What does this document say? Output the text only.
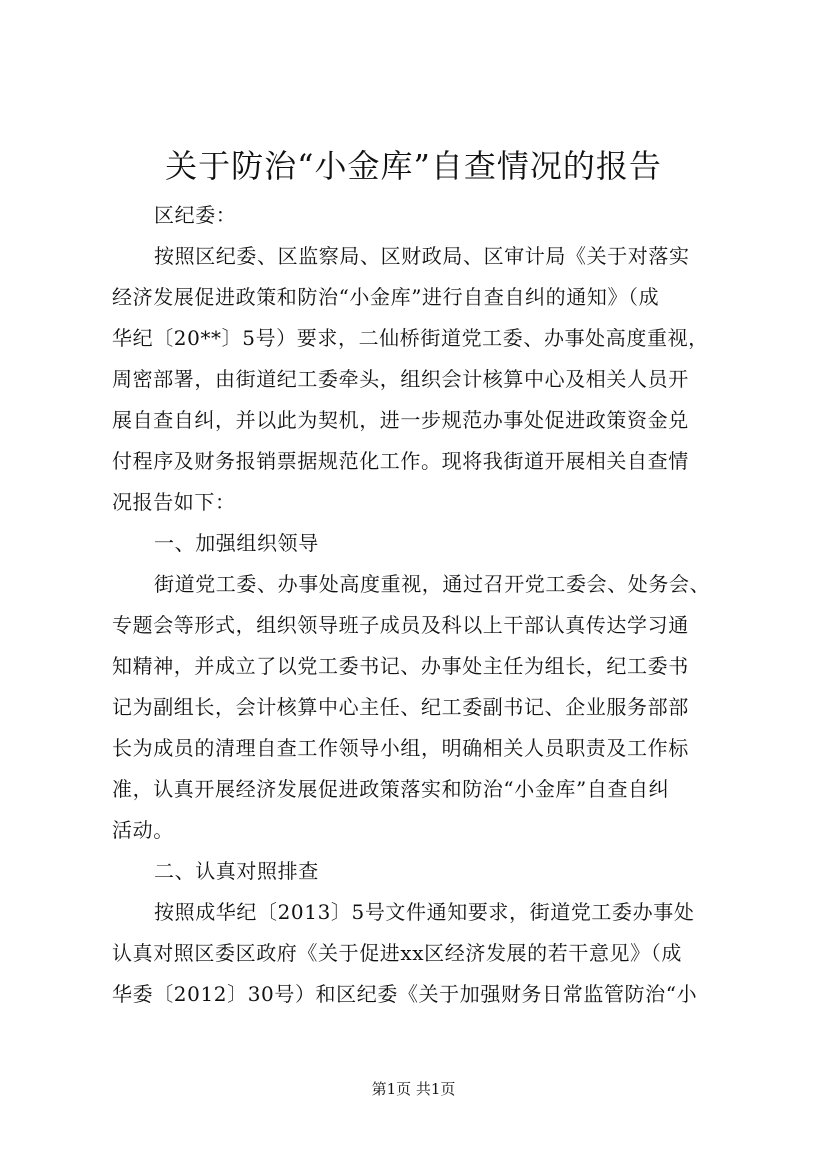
关于防治“小金库”自查情况的报告
区纪委：
按照区纪委、区监察局、区财政局、区审计局《关于对落实
经济发展促进政策和防治“小金库”进行自查自纠的通知》（成
华纪〔20**〕5号）要求，二仙桥街道党工委、办事处高度重视，
周密部署，由街道纪工委牵头，组织会计核算中心及相关人员开
展自查自纠，并以此为契机，进一步规范办事处促进政策资金兑
付程序及财务报销票据规范化工作。现将我街道开展相关自查情
况报告如下：
一、加强组织领导
街道党工委、办事处高度重视，通过召开党工委会、处务会、
专题会等形式，组织领导班子成员及科以上干部认真传达学习通
知精神，并成立了以党工委书记、办事处主任为组长，纪工委书
记为副组长，会计核算中心主任、纪工委副书记、企业服务部部
长为成员的清理自查工作领导小组，明确相关人员职责及工作标
准，认真开展经济发展促进政策落实和防治“小金库”自查自纠
活动。
二、认真对照排查
按照成华纪〔2013〕5号文件通知要求，街道党工委办事处
认真对照区委区政府《关于促进xx区经济发展的若干意见》（成
华委〔2012〕30号）和区纪委《关于加强财务日常监管防治“小
第1页 共1页
